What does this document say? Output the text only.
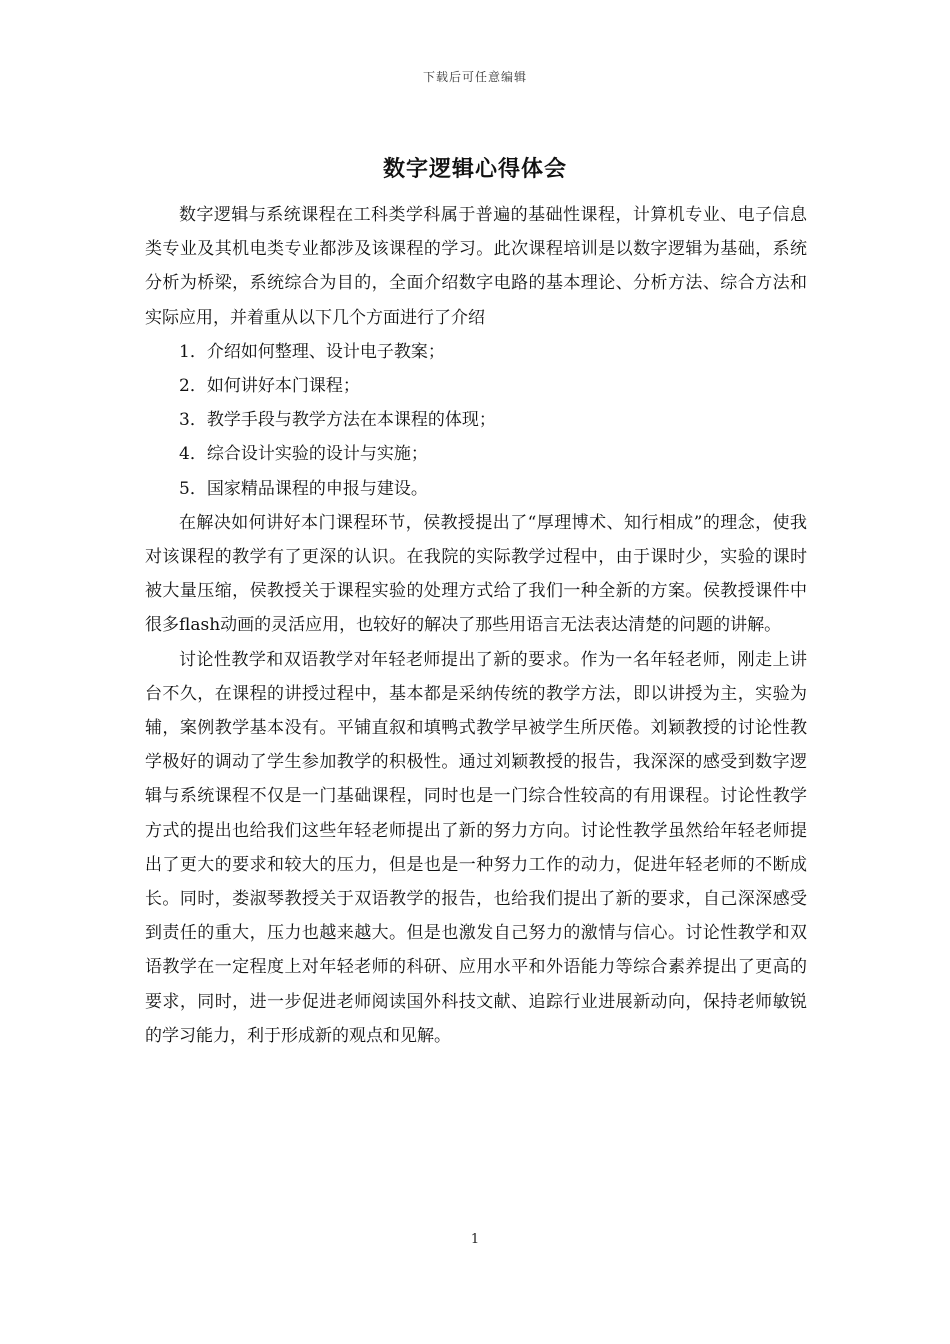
下载后可任意编辑
数字逻辑心得体会

数字逻辑与系统课程在工科类学科属于普遍的基础性课程，计算机专业、电子信息类专业及其机电类专业都涉及该课程的学习。此次课程培训是以数字逻辑为基础，系统分析为桥梁，系统综合为目的，全面介绍数字电路的基本理论、分析方法、综合方法和实际应用，并着重从以下几个方面进行了介绍

1．介绍如何整理、设计电子教案；

2．如何讲好本门课程；

3．教学手段与教学方法在本课程的体现；

4．综合设计实验的设计与实施；

5．国家精品课程的申报与建设。

在解决如何讲好本门课程环节，侯教授提出了“厚理博术、知行相成”的理念，使我对该课程的教学有了更深的认识。在我院的实际教学过程中，由于课时少，实验的课时被大量压缩，侯教授关于课程实验的处理方式给了我们一种全新的方案。侯教授课件中很多flash动画的灵活应用，也较好的解决了那些用语言无法表达清楚的问题的讲解。

讨论性教学和双语教学对年轻老师提出了新的要求。作为一名年轻老师，刚走上讲台不久，在课程的讲授过程中，基本都是采纳传统的教学方法，即以讲授为主，实验为辅，案例教学基本没有。平铺直叙和填鸭式教学早被学生所厌倦。刘颖教授的讨论性教学极好的调动了学生参加教学的积极性。通过刘颖教授的报告，我深深的感受到数字逻辑与系统课程不仅是一门基础课程，同时也是一门综合性较高的有用课程。讨论性教学方式的提出也给我们这些年轻老师提出了新的努力方向。讨论性教学虽然给年轻老师提出了更大的要求和较大的压力，但是也是一种努力工作的动力，促进年轻老师的不断成长。同时，娄淑琴教授关于双语教学的报告，也给我们提出了新的要求，自己深深感受到责任的重大，压力也越来越大。但是也激发自己努力的激情与信心。讨论性教学和双语教学在一定程度上对年轻老师的科研、应用水平和外语能力等综合素养提出了更高的要求，同时，进一步促进老师阅读国外科技文献、追踪行业进展新动向，保持老师敏锐的学习能力，利于形成新的观点和见解。

1
